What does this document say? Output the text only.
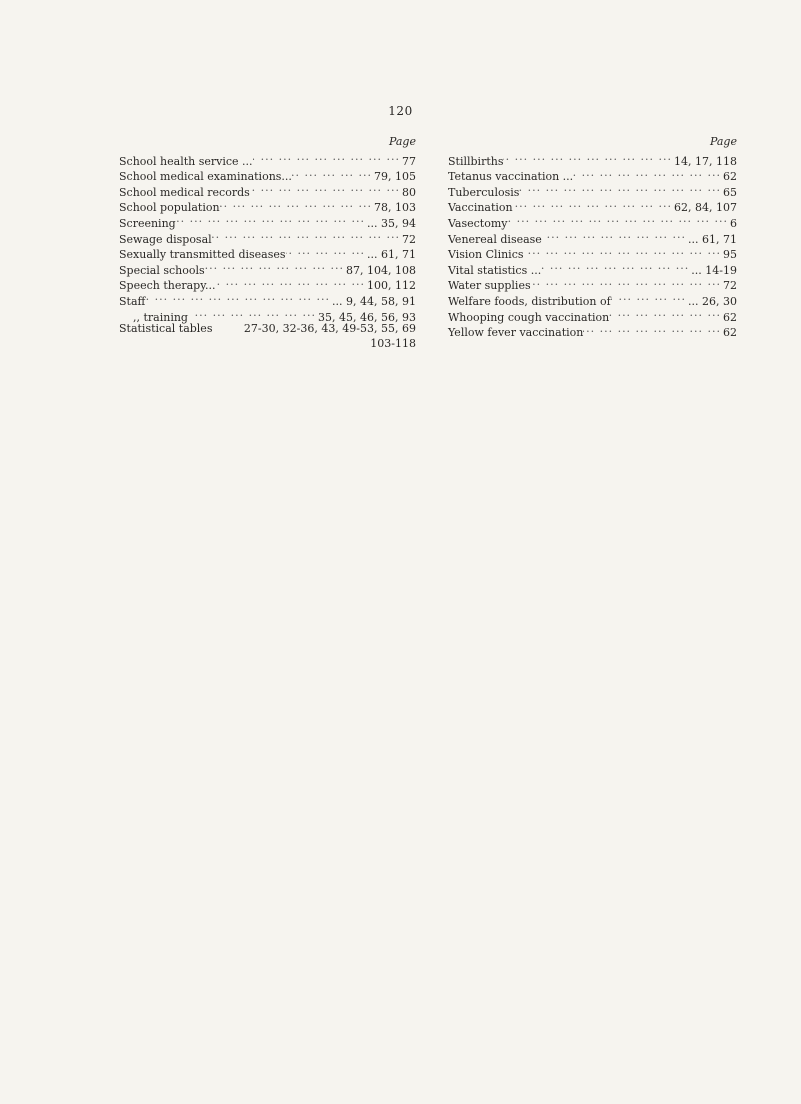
120
Page
School health service ... ... .	77
School medical examinations... ... .	79, 105
School medical records ... .	80
School population ... .	78, 103
Screening ... .	... 35, 94
Sewage disposal ... .	72
Sexually transmitted diseases ... .	... 61, 71
Special schools ... .	87, 104, 108
Speech therapy... ... .	100, 112
Staff ... .	... 9, 44, 58, 91
,, training ... .	35, 45, 46, 56, 93
Statistical tables	27-30, 32-36, 43, 49-53, 55, 69
103-118
Page
Stillbirths ... .	14, 17, 118
Tetanus vaccination ... ... .	62
Tuberculosis ... .	65
Vaccination ... .	62, 84, 107
Vasectomy ... .	6
Venereal disease ... .	... 61, 71
Vision Clinics ... .	95
Vital statistics ... ... .	... 14-19
Water supplies ... .	72
Welfare foods, distribution of ... .	... 26, 30
Whooping cough vaccination ... .	62
Yellow fever vaccination ... .	62
